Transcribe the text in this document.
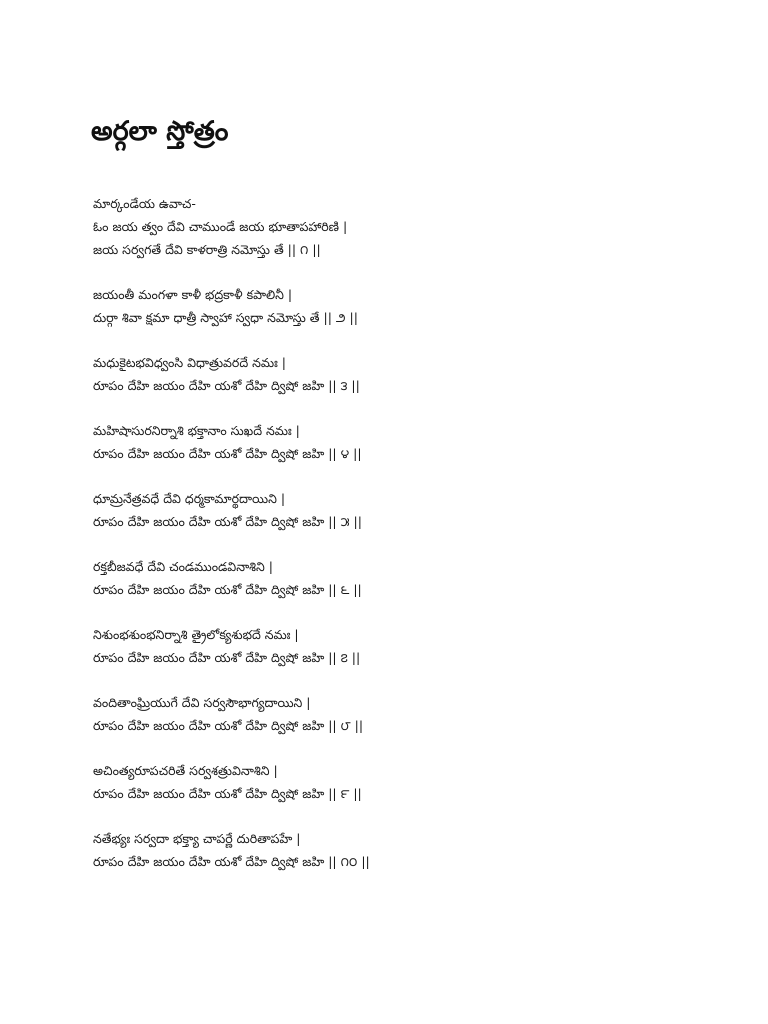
అర్గలా స్తోత్రం
మార్కండేయ ఉవాచ-
ఓం జయ త్వం దేవి చాముండే జయ భూతాపహారిణి |
జయ సర్వగతే దేవి కాళరాత్రి నమోస్తు తే || ౧ ||
జయంతీ మంగళా కాళీ భద్రకాళీ కపాలినీ |
దుర్గా శివా క్షమా ధాత్రీ స్వాహా స్వధా నమోస్తు తే || ౨ ||
మధుకైటభవిధ్వంసి విధాత్రువరదే నమః |
రూపం దేహి జయం దేహి యశో దేహి ద్విషో జహి || ౩ ||
మహిషాసురనిర్నాశి భక్తానాం సుఖదే నమః |
రూపం దేహి జయం దేహి యశో దేహి ద్విషో జహి || ౪ ||
ధూమ్రనేత్రవధే దేవి ధర్మకామార్థదాయిని |
రూపం దేహి జయం దేహి యశో దేహి ద్విషో జహి || ౫ ||
రక్తబీజవధే దేవి చండముండవినాశిని |
రూపం దేహి జయం దేహి యశో దేహి ద్విషో జహి || ౬ ||
నిశుంభశుంభనిర్నాశి త్రైలోక్యశుభదే నమః |
రూపం దేహి జయం దేహి యశో దేహి ద్విషో జహి || ౭ ||
వందితాంఘ్రియుగే దేవి సర్వసౌభాగ్యదాయిని |
రూపం దేహి జయం దేహి యశో దేహి ద్విషో జహి || ౮ ||
అచింత్యరూపచరితే సర్వశత్రువినాశిని |
రూపం దేహి జయం దేహి యశో దేహి ద్విషో జహి || ౯ ||
నతేభ్యః సర్వదా భక్త్యా చాపర్ణే దురితాపహే |
రూపం దేహి జయం దేహి యశో దేహి ద్విషో జహి || ౧౦ ||
